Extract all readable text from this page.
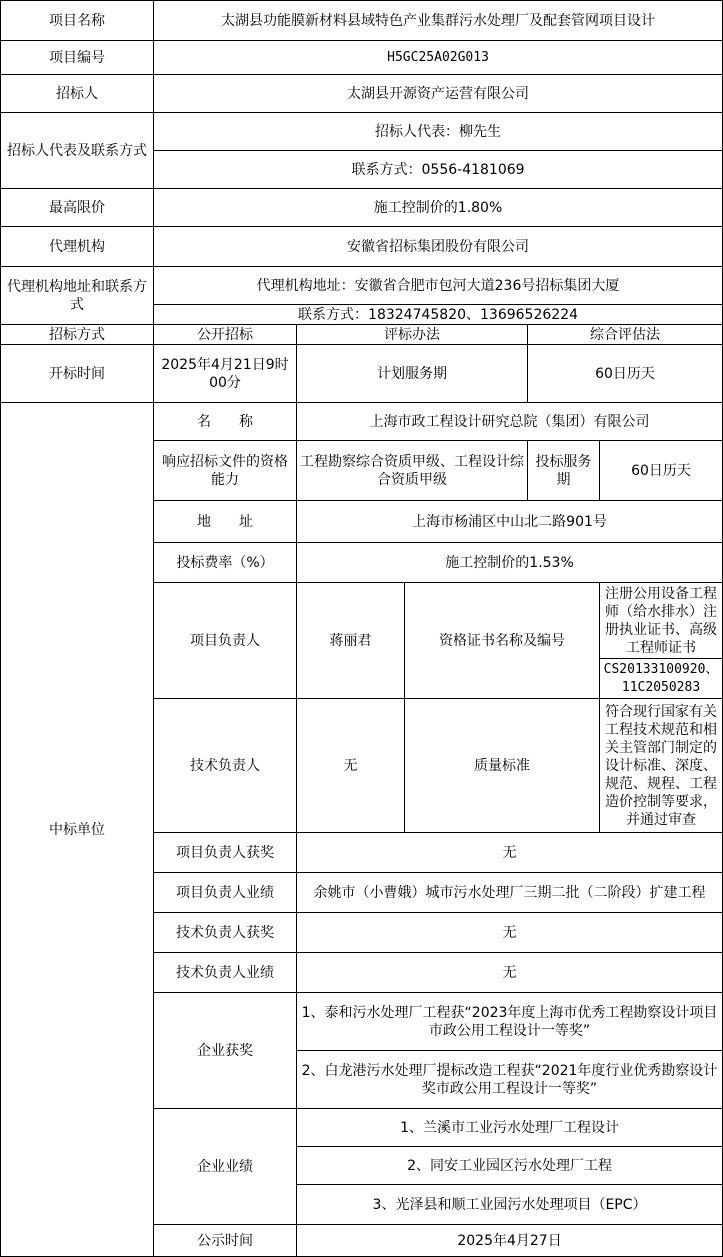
项目名称	太湖县功能膜新材料县域特色产业集群污水处理厂及配套管网项目设计				
项目编号	H5GC25A02G013				
招标人	太湖县开源资产运营有限公司				
招标人代表及联系方式	招标人代表：柳先生				
	联系方式：0556-4181069				
最高限价	施工控制价的1.80%				
代理机构	安徽省招标集团股份有限公司				
代理机构地址和联系方式	代理机构地址：安徽省合肥市包河大道236号招标集团大厦				
	联系方式：18324745820、13696526224				
招标方式	公开招标	评标办法		综合评估法	
开标时间	2025年4月21日9时00分	计划服务期		60日历天	
中标单位	名　　称	上海市政工程设计研究总院（集团）有限公司			
	响应招标文件的资格能力	工程勘察综合资质甲级、工程设计综合资质甲级		投标服务期	60日历天
	地　　址	上海市杨浦区中山北二路901号			
	投标费率（%）	施工控制价的1.53%			
	项目负责人	蒋丽君	资格证书名称及编号		注册公用设备工程师（给水排水）注册执业证书、高级工程师证书
					CS20133100920、11C2050283
	技术负责人	无	质量标准		符合现行国家有关工程技术规范和相关主管部门制定的设计标准、深度、规范、规程、工程造价控制等要求，并通过审查
	项目负责人获奖	无			
	项目负责人业绩	余姚市（小曹娥）城市污水处理厂三期二批（二阶段）扩建工程			
	技术负责人获奖	无			
	技术负责人业绩	无			
	企业获奖	1、泰和污水处理厂工程获“2023年度上海市优秀工程勘察设计项目市政公用工程设计一等奖”			
		2、白龙港污水处理厂提标改造工程获“2021年度行业优秀勘察设计奖市政公用工程设计一等奖”			
	企业业绩	1、兰溪市工业污水处理厂工程设计			
		2、同安工业园区污水处理厂工程			
		3、光泽县和顺工业园污水处理项目（EPC）			
	公示时间	2025年4月27日			
